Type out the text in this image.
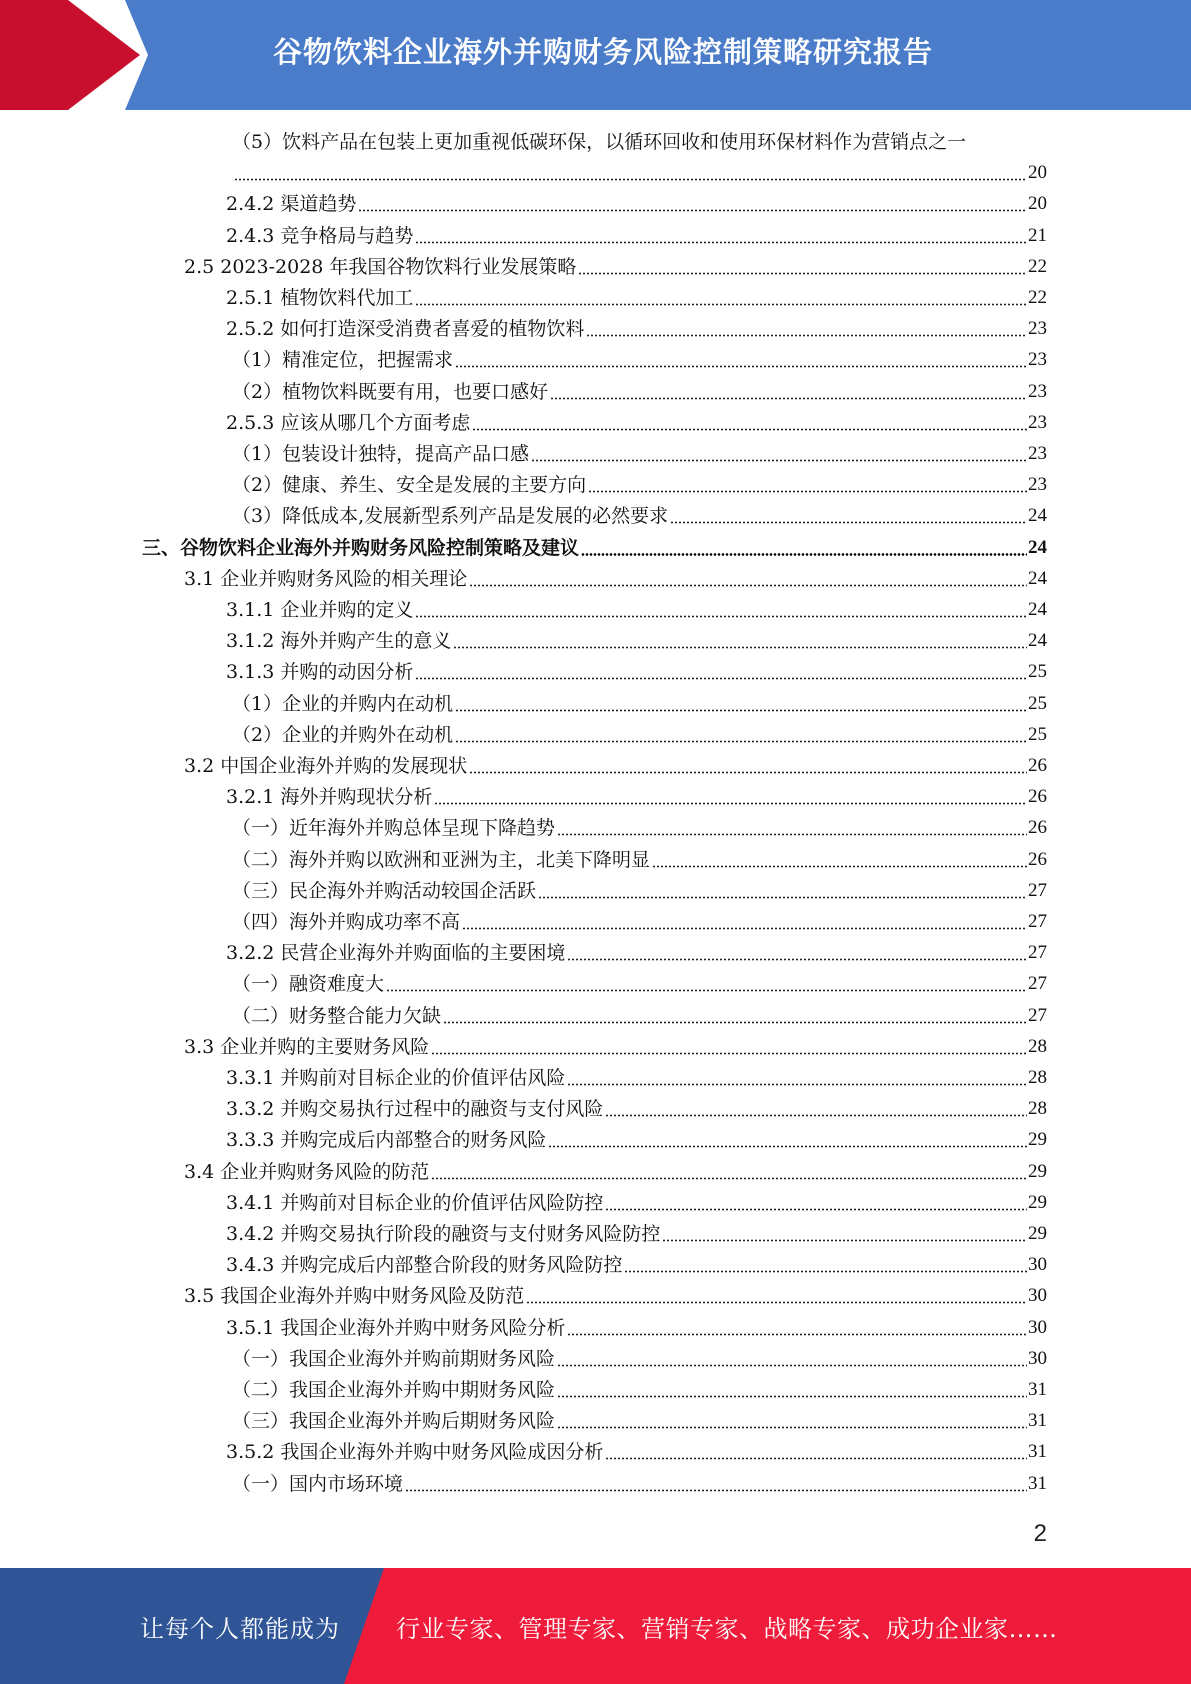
谷物饮料企业海外并购财务风险控制策略研究报告
（5）饮料产品在包装上更加重视低碳环保，以循环回收和使用环保材料作为营销点之一
20
2.4.2 渠道趋势	20
2.4.3 竞争格局与趋势	21
2.5 2023-2028 年我国谷物饮料行业发展策略	22
2.5.1 植物饮料代加工	22
2.5.2 如何打造深受消费者喜爱的植物饮料	23
（1）精准定位，把握需求	23
（2）植物饮料既要有用，也要口感好	23
2.5.3 应该从哪几个方面考虑	23
（1）包装设计独特，提高产品口感	23
（2）健康、养生、安全是发展的主要方向	23
（3）降低成本,发展新型系列产品是发展的必然要求	24
三、谷物饮料企业海外并购财务风险控制策略及建议	24
3.1 企业并购财务风险的相关理论	24
3.1.1 企业并购的定义	24
3.1.2 海外并购产生的意义	24
3.1.3 并购的动因分析	25
（1）企业的并购内在动机	25
（2）企业的并购外在动机	25
3.2 中国企业海外并购的发展现状	26
3.2.1 海外并购现状分析	26
（一）近年海外并购总体呈现下降趋势	26
（二）海外并购以欧洲和亚洲为主，北美下降明显	26
（三）民企海外并购活动较国企活跃	27
（四）海外并购成功率不高	27
3.2.2 民营企业海外并购面临的主要困境	27
（一）融资难度大	27
（二）财务整合能力欠缺	27
3.3 企业并购的主要财务风险	28
3.3.1 并购前对目标企业的价值评估风险	28
3.3.2 并购交易执行过程中的融资与支付风险	28
3.3.3 并购完成后内部整合的财务风险	29
3.4 企业并购财务风险的防范	29
3.4.1 并购前对目标企业的价值评估风险防控	29
3.4.2 并购交易执行阶段的融资与支付财务风险防控	29
3.4.3 并购完成后内部整合阶段的财务风险防控	30
3.5 我国企业海外并购中财务风险及防范	30
3.5.1 我国企业海外并购中财务风险分析	30
（一）我国企业海外并购前期财务风险	30
（二）我国企业海外并购中期财务风险	31
（三）我国企业海外并购后期财务风险	31
3.5.2 我国企业海外并购中财务风险成因分析	31
（一）国内市场环境	31
2
让每个人都能成为 行业专家、管理专家、营销专家、战略专家、成功企业家……
